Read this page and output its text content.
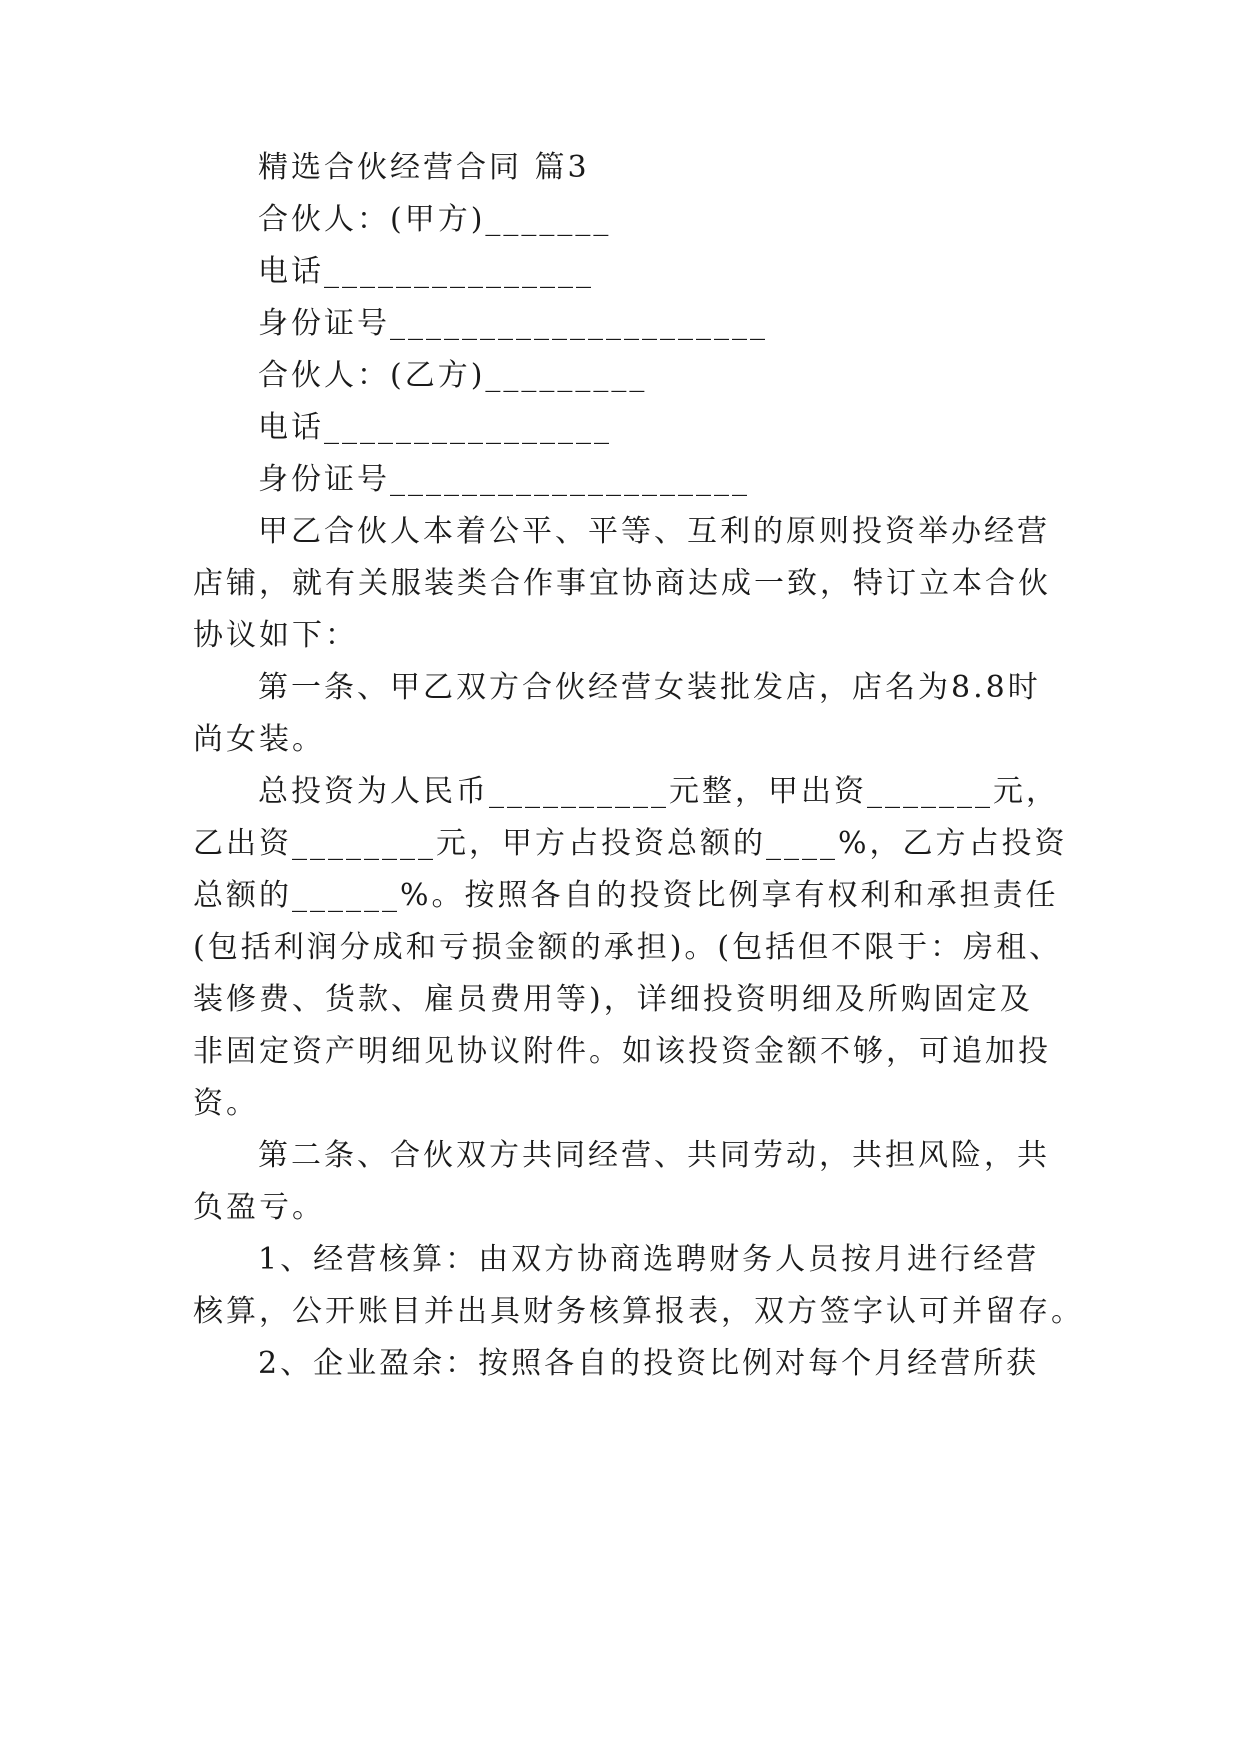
精选合伙经营合同 篇3

合伙人：(甲方)_______

电话_______________

身份证号_____________________

合伙人：(乙方)_________

电话________________

身份证号____________________

甲乙合伙人本着公平、平等、互利的原则投资举办经营

店铺，就有关服装类合作事宜协商达成一致，特订立本合伙

协议如下：

第一条、甲乙双方合伙经营女装批发店，店名为8.8时

尚女装。

总投资为人民币__________元整，甲出资_______元，

乙出资________元，甲方占投资总额的____%，乙方占投资

总额的______%。按照各自的投资比例享有权利和承担责任

(包括利润分成和亏损金额的承担)。(包括但不限于：房租、

装修费、货款、雇员费用等)，详细投资明细及所购固定及

非固定资产明细见协议附件。如该投资金额不够，可追加投

资。

第二条、合伙双方共同经营、共同劳动，共担风险，共

负盈亏。

1、经营核算：由双方协商选聘财务人员按月进行经营

核算，公开账目并出具财务核算报表，双方签字认可并留存。

2、企业盈余：按照各自的投资比例对每个月经营所获
